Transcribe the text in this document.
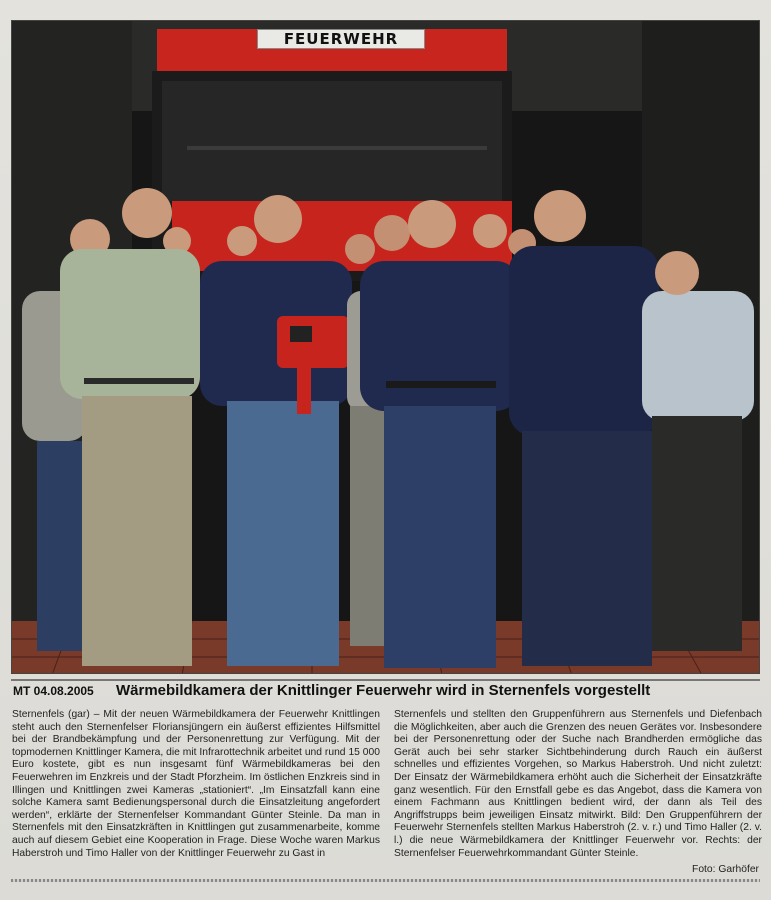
FEUERWEHR
MT 04.08.2005 Wärmebildkamera der Knittlinger Feuerwehr wird in Sternenfels vorgestellt
Sternenfels (gar) – Mit der neuen Wärmebildkamera der Feuerwehr Knittlingen steht auch den Sternenfelser Floriansjüngern ein äußerst effizientes Hilfsmittel bei der Brandbekämpfung und der Personenrettung zur Verfügung. Mit der topmodernen Knittlinger Kamera, die mit Infrarottechnik arbeitet und rund 15 000 Euro kostete, gibt es nun insgesamt fünf Wärmebildkameras bei den Feuerwehren im Enzkreis und der Stadt Pforzheim. Im östlichen Enzkreis sind in Illingen und Knittlingen zwei Kameras „stationiert“. „Im Einsatzfall kann eine solche Kamera samt Bedienungspersonal durch die Einsatzleitung angefordert werden“, erklärte der Sternenfelser Kommandant Günter Steinle. Da man in Sternenfels mit den Einsatzkräften in Knittlingen gut zusammenarbeite, komme auch auf diesem Gebiet eine Kooperation in Frage. Diese Woche waren Markus Haberstroh und Timo Haller von der Knittlinger Feuerwehr zu Gast in
Sternenfels und stellten den Gruppenführern aus Sternenfels und Diefenbach die Möglichkeiten, aber auch die Grenzen des neuen Gerätes vor. Insbesondere bei der Personenrettung oder der Suche nach Brandherden ermögliche das Gerät auch bei sehr starker Sichtbehinderung durch Rauch ein äußerst schnelles und effizientes Vorgehen, so Markus Haberstroh. Und nicht zuletzt: Der Einsatz der Wärmebildkamera erhöht auch die Sicherheit der Einsatzkräfte ganz wesentlich. Für den Ernstfall gebe es das Angebot, dass die Kamera von einem Fachmann aus Knittlingen bedient wird, der dann als Teil des Angriffstrupps beim jeweiligen Einsatz mitwirkt. Bild: Den Gruppenführern der Feuerwehr Sternenfels stellten Markus Haberstroh (2. v. r.) und Timo Haller (2. v. l.) die neue Wärmebildkamera der Knittlinger Feuerwehr vor. Rechts: der Sternenfelser Feuerwehrkommandant Günter Steinle.
Foto: Garhöfer
